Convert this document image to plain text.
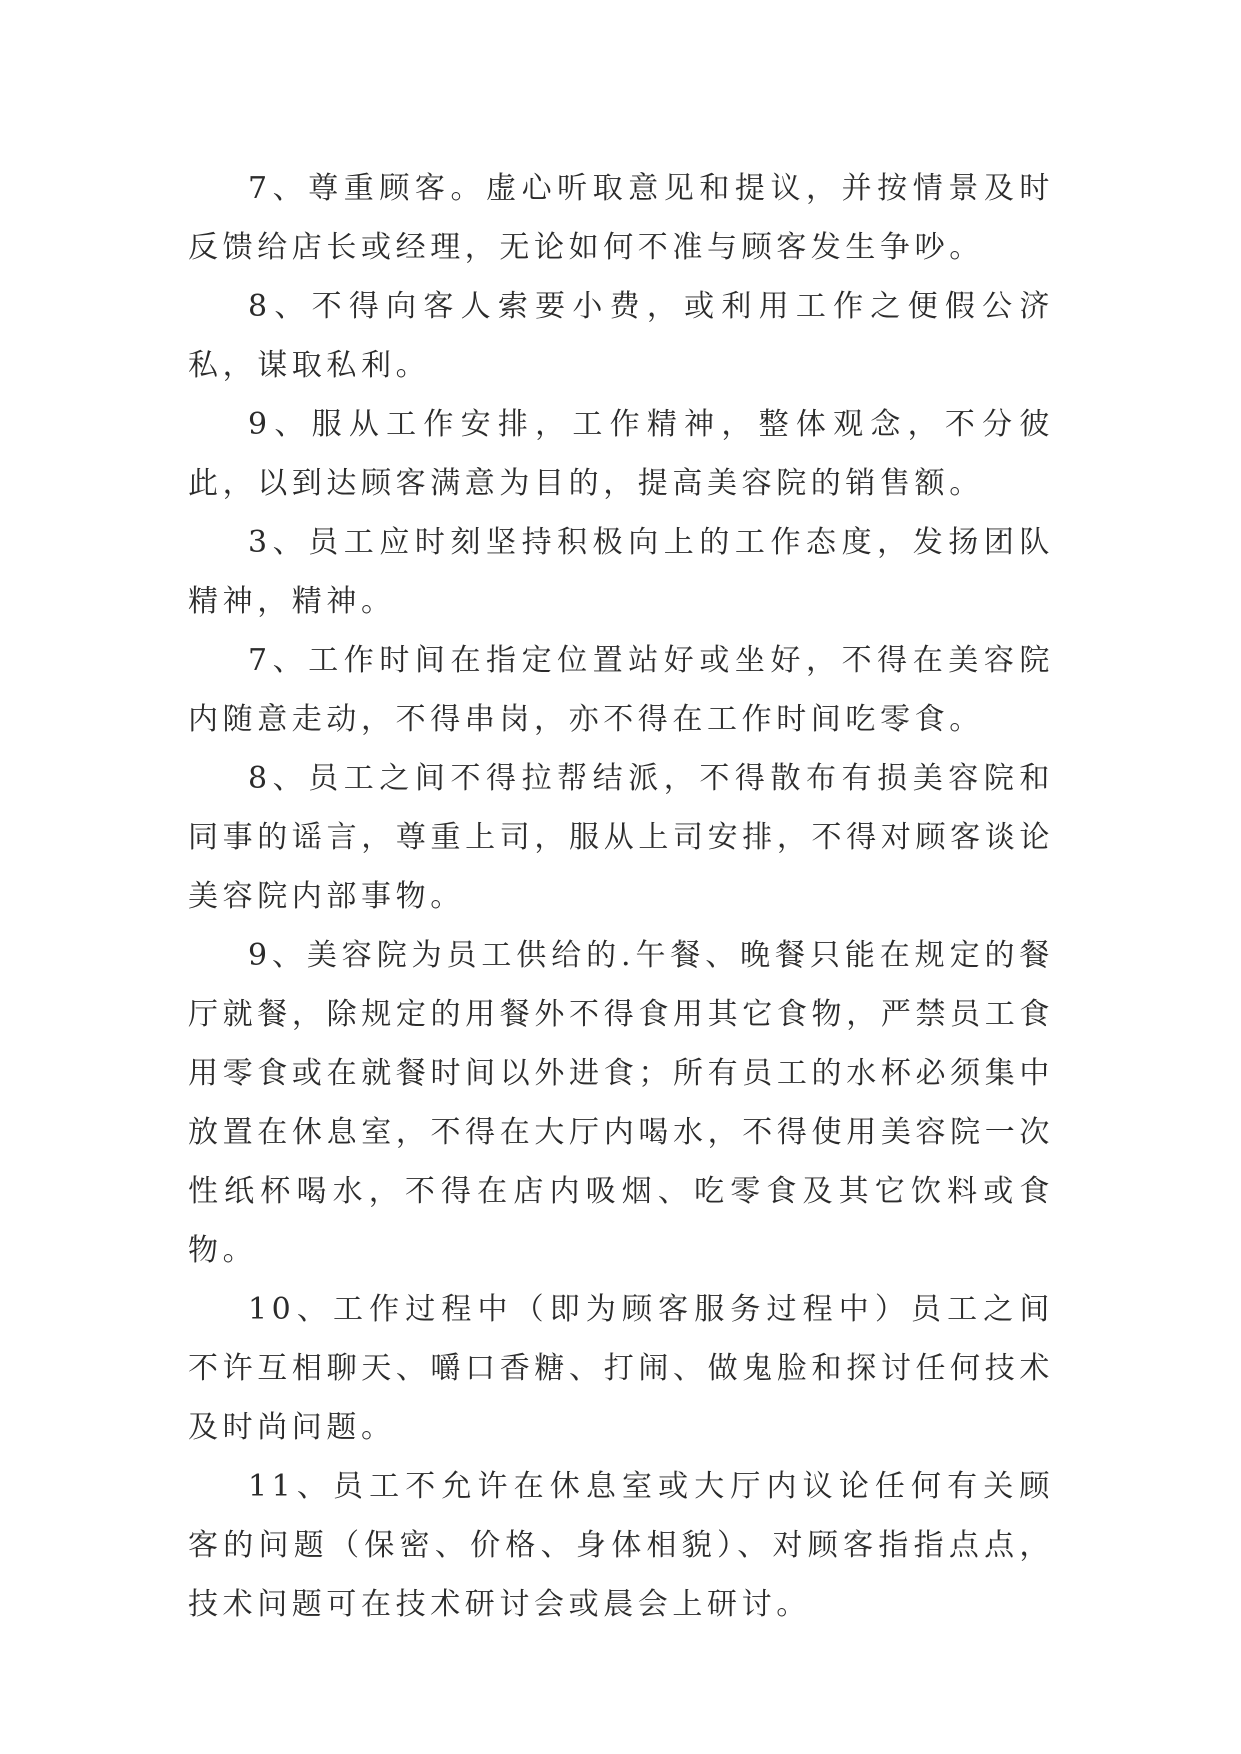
7、尊重顾客。虚心听取意见和提议，并按情景及时反馈给店长或经理，无论如何不准与顾客发生争吵。

8、不得向客人索要小费，或利用工作之便假公济私，谋取私利。

9、服从工作安排，工作精神，整体观念，不分彼此，以到达顾客满意为目的，提高美容院的销售额。

3、员工应时刻坚持积极向上的工作态度，发扬团队精神，精神。

7、工作时间在指定位置站好或坐好，不得在美容院内随意走动，不得串岗，亦不得在工作时间吃零食。

8、员工之间不得拉帮结派，不得散布有损美容院和同事的谣言，尊重上司，服从上司安排，不得对顾客谈论美容院内部事物。

9、美容院为员工供给的.午餐、晚餐只能在规定的餐厅就餐，除规定的用餐外不得食用其它食物，严禁员工食用零食或在就餐时间以外进食；所有员工的水杯必须集中放置在休息室，不得在大厅内喝水，不得使用美容院一次性纸杯喝水，不得在店内吸烟、吃零食及其它饮料或食物。

10、工作过程中（即为顾客服务过程中）员工之间不许互相聊天、嚼口香糖、打闹、做鬼脸和探讨任何技术及时尚问题。

11、员工不允许在休息室或大厅内议论任何有关顾客的问题（保密、价格、身体相貌）、对顾客指指点点，技术问题可在技术研讨会或晨会上研讨。
